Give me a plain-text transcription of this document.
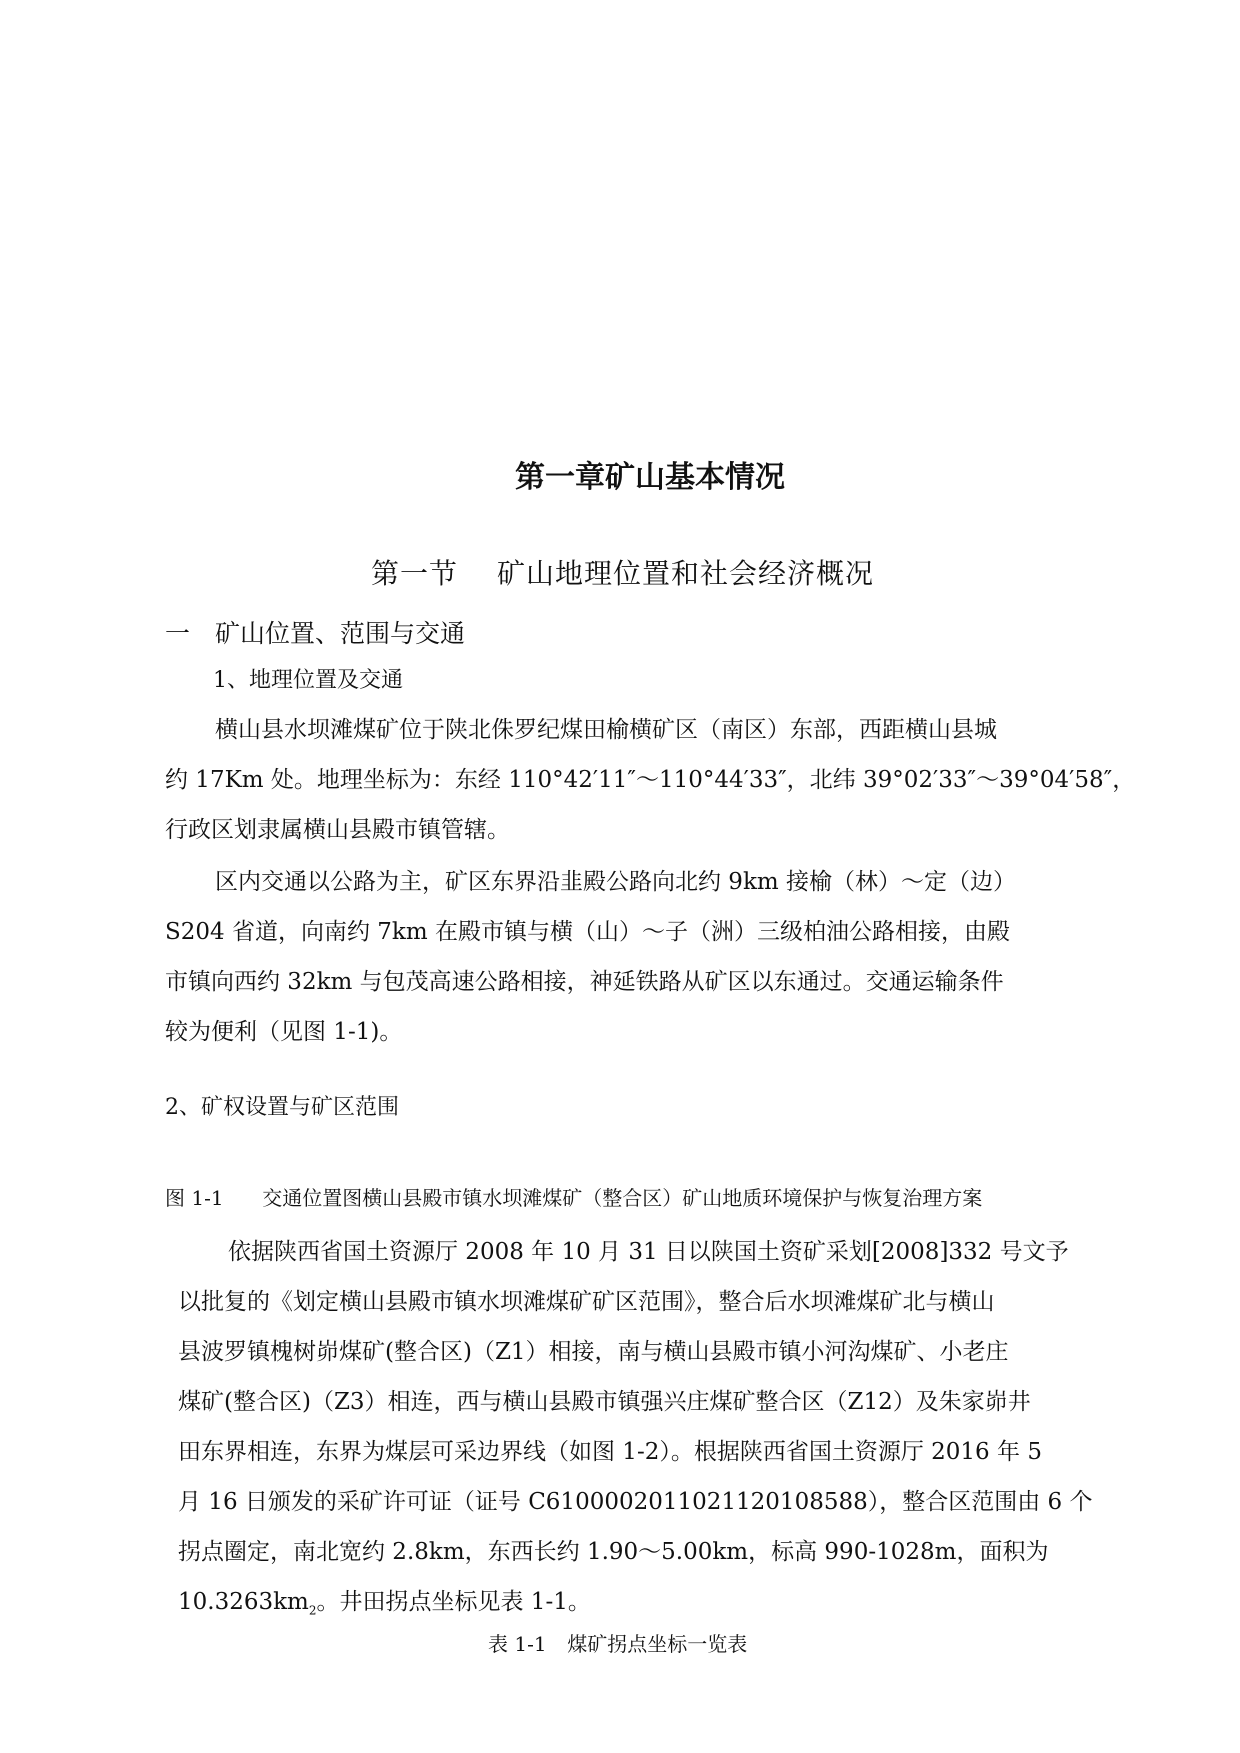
第一章矿山基本情况
第一节　 矿山地理位置和社会经济概况
一　矿山位置、范围与交通
1、地理位置及交通
横山县水坝滩煤矿位于陕北侏罗纪煤田榆横矿区（南区）东部，西距横山县城
约 17Km 处。地理坐标为：东经 110°42′11″～110°44′33″，北纬 39°02′33″～39°04′58″，
行政区划隶属横山县殿市镇管辖。
区内交通以公路为主，矿区东界沿韭殿公路向北约 9km 接榆（林）～定（边）
S204 省道，向南约 7km 在殿市镇与横（山）～子（洲）三级柏油公路相接，由殿
市镇向西约 32km 与包茂高速公路相接，神延铁路从矿区以东通过。交通运输条件
较为便利（见图 1-1)。
2、矿权设置与矿区范围
图 1-1 交通位置图横山县殿市镇水坝滩煤矿（整合区）矿山地质环境保护与恢复治理方案
依据陕西省国土资源厅 2008 年 10 月 31 日以陕国土资矿采划[2008]332 号文予
以批复的《划定横山县殿市镇水坝滩煤矿矿区范围》，整合后水坝滩煤矿北与横山
县波罗镇槐树峁煤矿(整合区)（Z1）相接，南与横山县殿市镇小河沟煤矿、小老庄
煤矿(整合区)（Z3）相连，西与横山县殿市镇强兴庄煤矿整合区（Z12）及朱家峁井
田东界相连，东界为煤层可采边界线（如图 1-2）。根据陕西省国土资源厅 2016 年 5
月 16 日颁发的采矿许可证（证号 C6100002011021120108588），整合区范围由 6 个
拐点圈定，南北宽约 2.8km，东西长约 1.90～5.00km，标高 990-1028m，面积为
$10.3263km_2$。井田拐点坐标见表 1-1。
表 1-1 煤矿拐点坐标一览表
